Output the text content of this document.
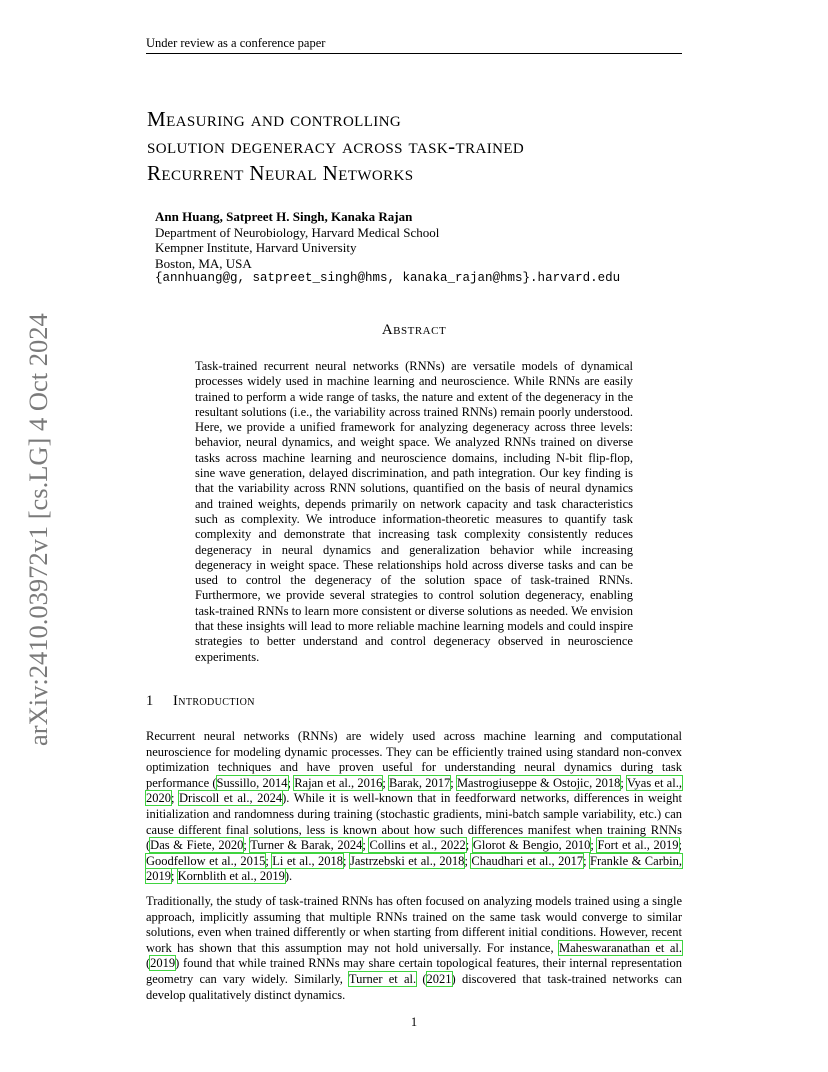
Under review as a conference paper
arXiv:2410.03972v1 [cs.LG] 4 Oct 2024
Measuring and controlling
solution degeneracy across task-trained
Recurrent Neural Networks
Ann Huang, Satpreet H. Singh, Kanaka Rajan
Department of Neurobiology, Harvard Medical School
Kempner Institute, Harvard University
Boston, MA, USA
{annhuang@g, satpreet_singh@hms, kanaka_rajan@hms}.harvard.edu
Abstract

Task-trained recurrent neural networks (RNNs) are versatile models of dynamical processes widely used in machine learning and neuroscience. While RNNs are easily trained to perform a wide range of tasks, the nature and extent of the degeneracy in the resultant solutions (i.e., the variability across trained RNNs) remain poorly understood. Here, we provide a unified framework for analyzing degeneracy across three levels: behavior, neural dynamics, and weight space. We analyzed RNNs trained on diverse tasks across machine learning and neuroscience domains, including N-bit flip-flop, sine wave generation, delayed discrimination, and path integration. Our key finding is that the variability across RNN solutions, quantified on the basis of neural dynamics and trained weights, depends primarily on network capacity and task characteristics such as complexity. We introduce information-theoretic measures to quantify task complexity and demonstrate that increasing task complexity consistently reduces degeneracy in neural dynamics and generalization behavior while increasing degeneracy in weight space. These relationships hold across diverse tasks and can be used to control the degeneracy of the solution space of task-trained RNNs. Furthermore, we provide several strategies to control solution degeneracy, enabling task-trained RNNs to learn more consistent or diverse solutions as needed. We envision that these insights will lead to more reliable machine learning models and could inspire strategies to better understand and control degeneracy observed in neuroscience experiments.

1 Introduction

Recurrent neural networks (RNNs) are widely used across machine learning and computational neuroscience for modeling dynamic processes. They can be efficiently trained using standard non-convex optimization techniques and have proven useful for understanding neural dynamics during task performance (Sussillo, 2014; Rajan et al., 2016; Barak, 2017; Mastrogiuseppe & Ostojic, 2018; Vyas et al., 2020; Driscoll et al., 2024). While it is well-known that in feedforward networks, differences in weight initialization and randomness during training (stochastic gradients, mini-batch sample variability, etc.) can cause different final solutions, less is known about how such differences manifest when training RNNs (Das & Fiete, 2020; Turner & Barak, 2024; Collins et al., 2022; Glorot & Bengio, 2010; Fort et al., 2019; Goodfellow et al., 2015; Li et al., 2018; Jastrzebski et al., 2018; Chaudhari et al., 2017; Frankle & Carbin, 2019; Kornblith et al., 2019).

Traditionally, the study of task-trained RNNs has often focused on analyzing models trained using a single approach, implicitly assuming that multiple RNNs trained on the same task would converge to similar solutions, even when trained differently or when starting from different initial conditions. However, recent work has shown that this assumption may not hold universally. For instance, Maheswaranathan et al. (2019) found that while trained RNNs may share certain topological features, their internal representation geometry can vary widely. Similarly, Turner et al. (2021) discovered that task-trained networks can develop qualitatively distinct dynamics.

1
